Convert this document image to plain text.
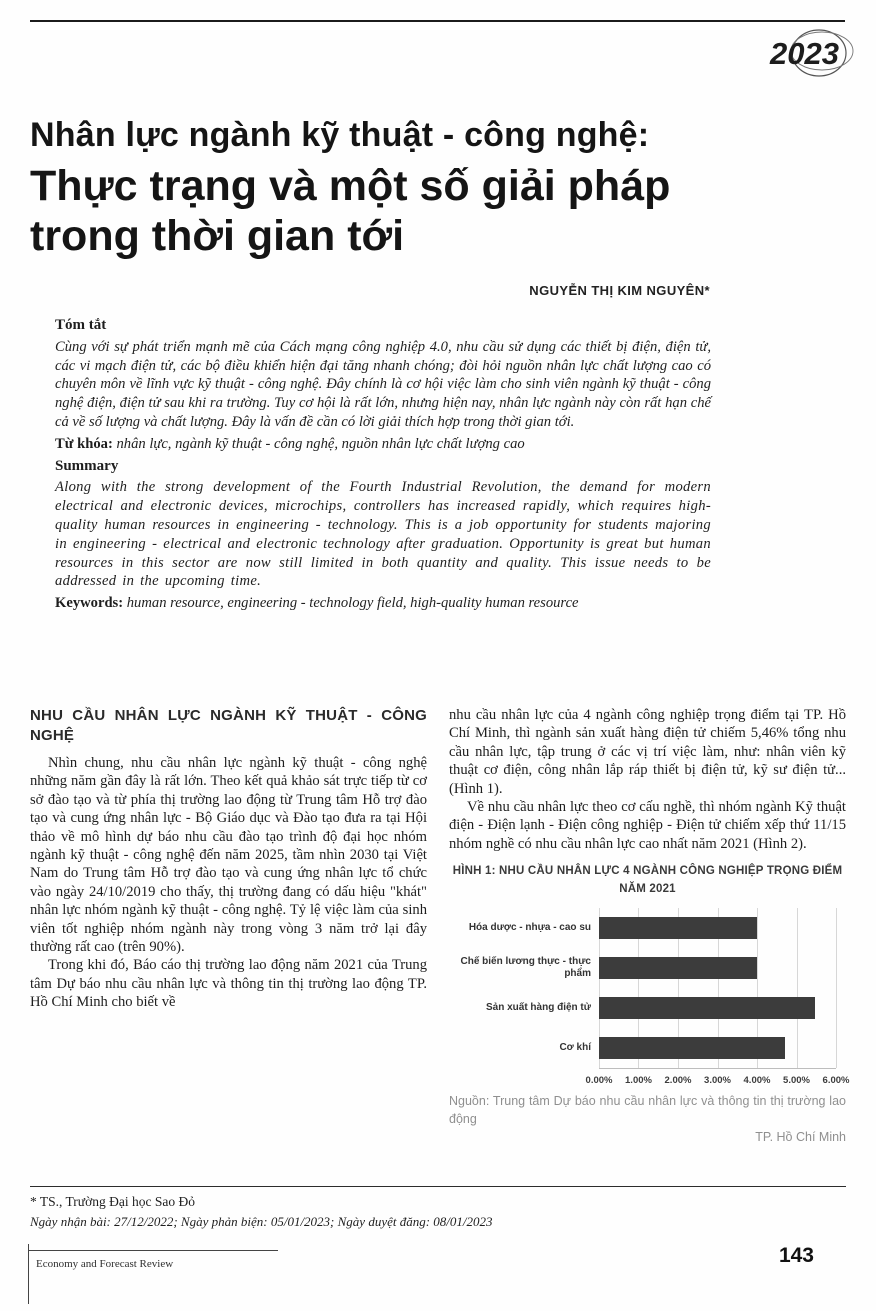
2023
Nhân lực ngành kỹ thuật - công nghệ:
Thực trạng và một số giải pháp
trong thời gian tới
NGUYỄN THỊ KIM NGUYÊN*

Tóm tắt

Cùng với sự phát triển mạnh mẽ của Cách mạng công nghiệp 4.0, nhu cầu sử dụng các thiết bị điện, điện tử, các vi mạch điện tử, các bộ điều khiển hiện đại tăng nhanh chóng; đòi hỏi nguồn nhân lực chất lượng cao có chuyên môn về lĩnh vực kỹ thuật - công nghệ. Đây chính là cơ hội việc làm cho sinh viên ngành kỹ thuật - công nghệ điện, điện tử sau khi ra trường. Tuy cơ hội là rất lớn, nhưng hiện nay, nhân lực ngành này còn rất hạn chế cả về số lượng và chất lượng. Đây là vấn đề cần có lời giải thích hợp trong thời gian tới.

Từ khóa: nhân lực, ngành kỹ thuật - công nghệ, nguồn nhân lực chất lượng cao

Summary

Along with the strong development of the Fourth Industrial Revolution, the demand for modern electrical and electronic devices, microchips, controllers has increased rapidly, which requires high-quality human resources in engineering - technology. This is a job opportunity for students majoring in engineering - electrical and electronic technology after graduation. Opportunity is great but human resources in this sector are now still limited in both quantity and quality. This issue needs to be addressed in the upcoming time.

Keywords: human resource, engineering - technology field, high-quality human resource

NHU CẦU NHÂN LỰC NGÀNH KỸ THUẬT - CÔNG NGHỆ

Nhìn chung, nhu cầu nhân lực ngành kỹ thuật - công nghệ những năm gần đây là rất lớn. Theo kết quả khảo sát trực tiếp từ cơ sở đào tạo và từ phía thị trường lao động từ Trung tâm Hỗ trợ đào tạo và cung ứng nhân lực - Bộ Giáo dục và Đào tạo đưa ra tại Hội thảo về mô hình dự báo nhu cầu đào tạo trình độ đại học nhóm ngành kỹ thuật - công nghệ đến năm 2025, tầm nhìn 2030 tại Việt Nam do Trung tâm Hỗ trợ đào tạo và cung ứng nhân lực tổ chức vào ngày 24/10/2019 cho thấy, thị trường đang có dấu hiệu "khát" nhân lực nhóm ngành kỹ thuật - công nghệ. Tỷ lệ việc làm của sinh viên tốt nghiệp nhóm ngành này trong vòng 3 năm trở lại đây thường rất cao (trên 90%).

Trong khi đó, Báo cáo thị trường lao động năm 2021 của Trung tâm Dự báo nhu cầu nhân lực và thông tin thị trường lao động TP. Hồ Chí Minh cho biết về

nhu cầu nhân lực của 4 ngành công nghiệp trọng điểm tại TP. Hồ Chí Minh, thì ngành sản xuất hàng điện tử chiếm 5,46% tổng nhu cầu nhân lực, tập trung ở các vị trí việc làm, như: nhân viên kỹ thuật cơ điện, công nhân lắp ráp thiết bị điện tử, kỹ sư điện tử... (Hình 1).

Về nhu cầu nhân lực theo cơ cấu nghề, thì nhóm ngành Kỹ thuật điện - Điện lạnh - Điện công nghiệp - Điện tử chiếm xếp thứ 11/15 nhóm nghề có nhu cầu nhân lực cao nhất năm 2021 (Hình 2).

HÌNH 1: NHU CẦU NHÂN LỰC 4 NGÀNH CÔNG NGHIỆP TRỌNG ĐIỂM
NĂM 2021
Hóa dược - nhựa - cao su
Chế biến lương thực - thực phẩm
Sản xuất hàng điện tử
Cơ khí
0.00% 1.00% 2.00% 3.00% 4.00% 5.00% 6.00%
Nguồn: Trung tâm Dự báo nhu cầu nhân lực và thông tin thị trường lao động
TP. Hồ Chí Minh

* TS., Trường Đại học Sao Đỏ

Ngày nhận bài: 27/12/2022; Ngày phản biện: 05/01/2023; Ngày duyệt đăng: 08/01/2023

Economy and Forecast Review	143
